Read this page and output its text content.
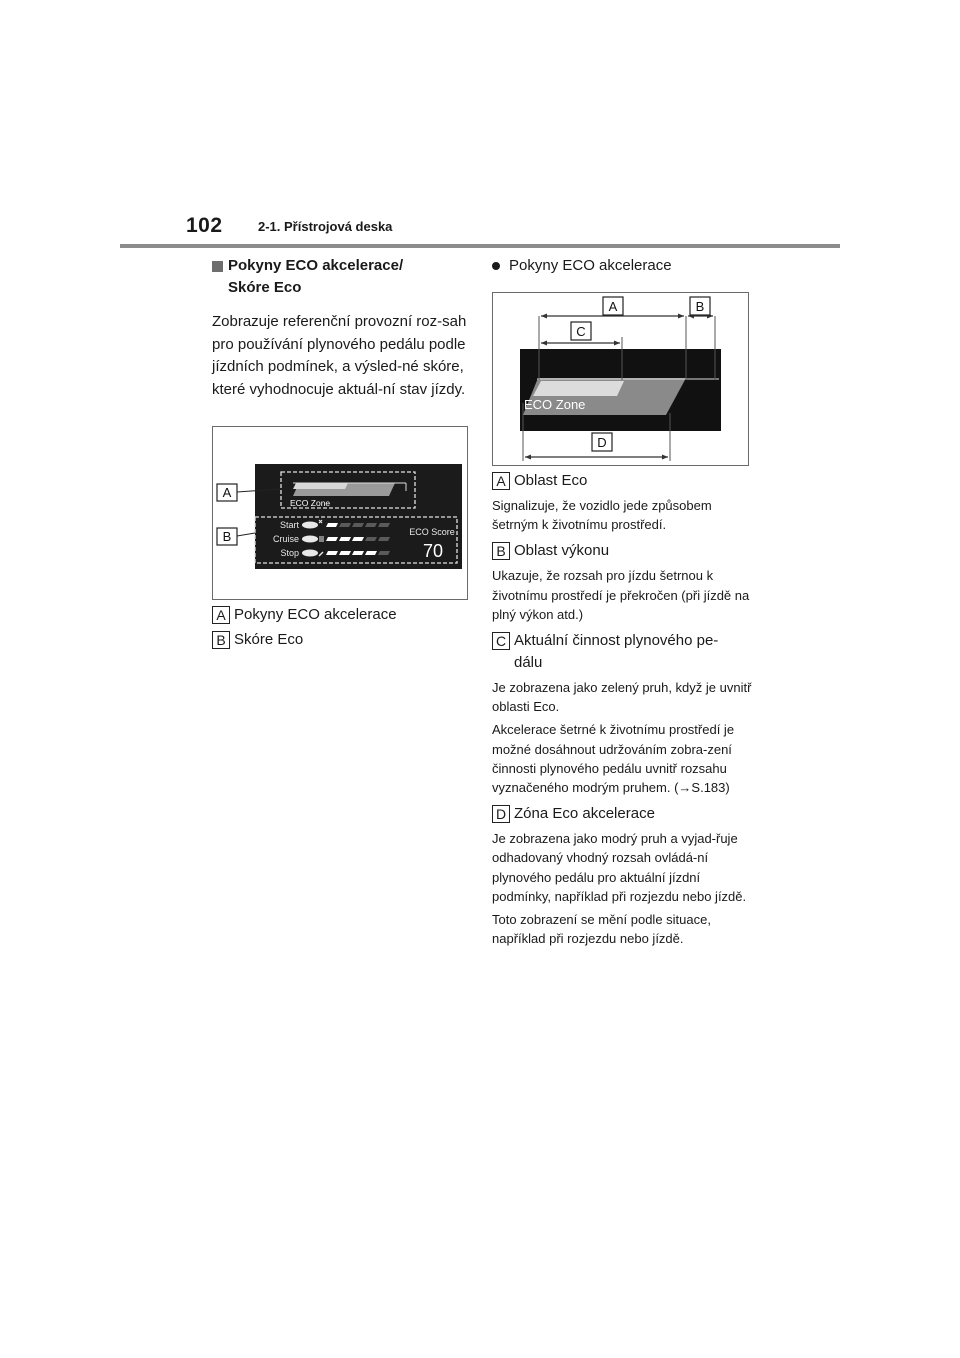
102	2-1. Přístrojová deska
Pokyny ECO akcelerace/
Skóre Eco

Zobrazuje referenční provozní roz-sah pro používání plynového pedálu podle jízdních podmínek, a výsled-né skóre, které vyhodnocuje aktuál-ní stav jízdy.

ECO Zone
Start
Cruise
Stop
ECO Score
70
A
B
A Pokyny ECO akcelerace
B Skóre Eco
Pokyny ECO akcelerace
ECO Zone
A	B
C
D
A Oblast Eco

Signalizuje, že vozidlo jede způsobem šetrným k životnímu prostředí.

B Oblast výkonu

Ukazuje, že rozsah pro jízdu šetrnou k životnímu prostředí je překročen (při jízdě na plný výkon atd.)

C Aktuální činnost plynového pe-dálu

Je zobrazena jako zelený pruh, když je uvnitř oblasti Eco.

Akcelerace šetrné k životnímu prostředí je možné dosáhnout udržováním zobra-zení činnosti plynového pedálu uvnitř rozsahu vyznačeného modrým pruhem. (→S.183)

D Zóna Eco akcelerace

Je zobrazena jako modrý pruh a vyjad-řuje odhadovaný vhodný rozsah ovládá-ní plynového pedálu pro aktuální jízdní podmínky, například při rozjezdu nebo jízdě.

Toto zobrazení se mění podle situace, například při rozjezdu nebo jízdě.
